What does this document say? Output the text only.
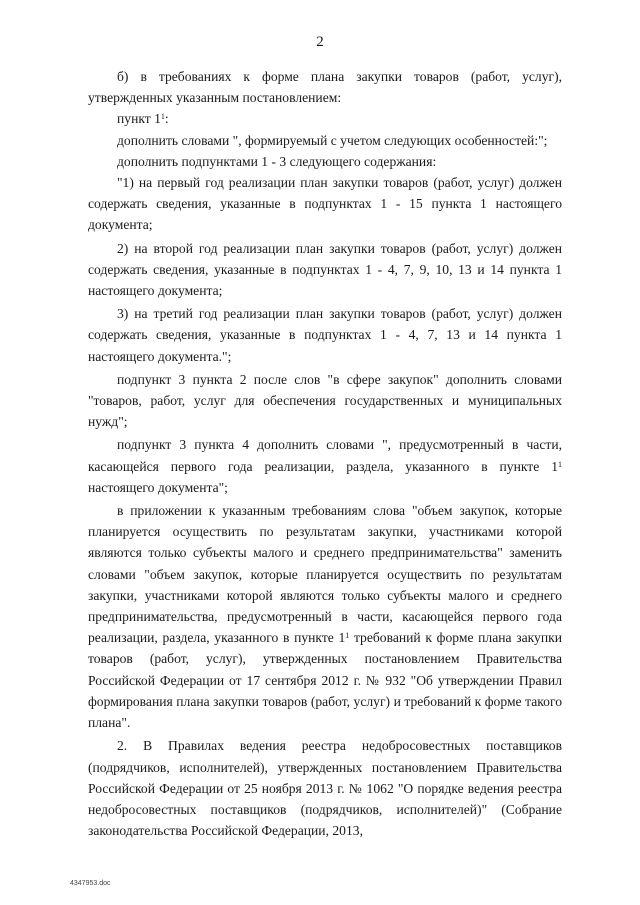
2

б) в требованиях к форме плана закупки товаров (работ, услуг), утвержденных указанным постановлением:

пункт $1^1$:

дополнить словами ", формируемый с учетом следующих особенностей:";

дополнить подпунктами 1 - 3 следующего содержания:

"1) на первый год реализации план закупки товаров (работ, услуг) должен содержать сведения, указанные в подпунктах 1 - 15 пункта 1 настоящего документа;

2) на второй год реализации план закупки товаров (работ, услуг) должен содержать сведения, указанные в подпунктах 1 - 4, 7, 9, 10, 13 и 14 пункта 1 настоящего документа;

3) на третий год реализации план закупки товаров (работ, услуг) должен содержать сведения, указанные в подпунктах 1 - 4, 7, 13 и 14 пункта 1 настоящего документа.";

подпункт 3 пункта 2 после слов "в сфере закупок" дополнить словами "товаров, работ, услуг для обеспечения государственных и муниципальных нужд";

подпункт 3 пункта 4 дополнить словами ", предусмотренный в части, касающейся первого года реализации, раздела, указанного в пункте $1^1$ настоящего документа";

в приложении к указанным требованиям слова "объем закупок, которые планируется осуществить по результатам закупки, участниками которой являются только субъекты малого и среднего предпринимательства" заменить словами "объем закупок, которые планируется осуществить по результатам закупки, участниками которой являются только субъекты малого и среднего предпринимательства, предусмотренный в части, касающейся первого года реализации, раздела, указанного в пункте $1^1$ требований к форме плана закупки товаров (работ, услуг), утвержденных постановлением Правительства Российской Федерации от 17 сентября 2012 г. № 932 "Об утверждении Правил формирования плана закупки товаров (работ, услуг) и требований к форме такого плана".

2. В Правилах ведения реестра недобросовестных поставщиков (подрядчиков, исполнителей), утвержденных постановлением Правительства Российской Федерации от 25 ноября 2013 г. № 1062 "О порядке ведения реестра недобросовестных поставщиков (подрядчиков, исполнителей)" (Собрание законодательства Российской Федерации, 2013,

4347953.doc
